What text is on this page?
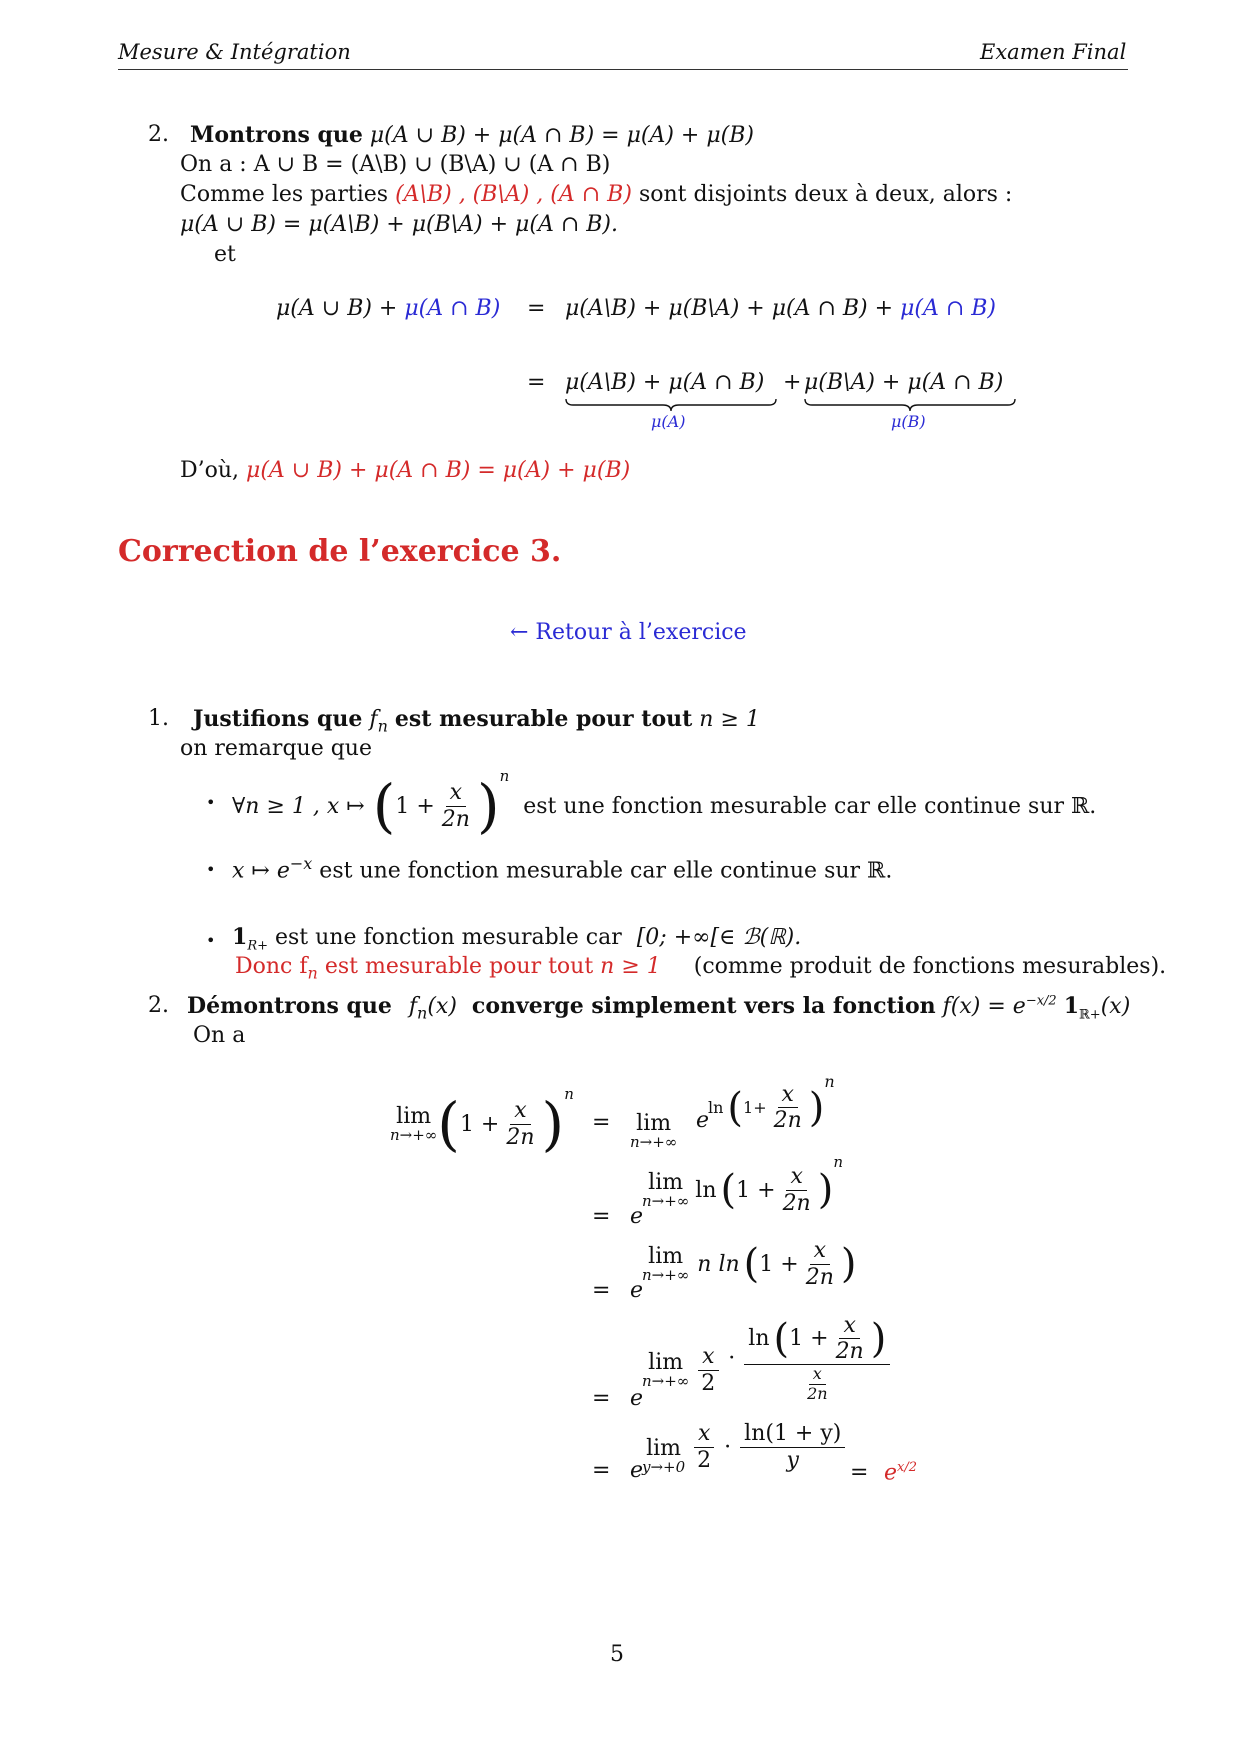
Mesure & Intégration	Examen Final
2. Montrons que μ(A ∪ B) + μ(A ∩ B) = μ(A) + μ(B)
On a : A ∪ B = (A\B) ∪ (B\A) ∪ (A ∩ B)
Comme les parties (A\B) , (B\A) , (A ∩ B) sont disjoints deux à deux, alors :
μ(A ∪ B) = μ(A\B) + μ(B\A) + μ(A ∩ B).
et
μ(A ∪ B) + μ(A ∩ B) = μ(A\B) + μ(B\A) + μ(A ∩ B) + μ(A ∩ B)
= μ(A\B) + μ(A ∩ B) + μ(B\A) + μ(A ∩ B)
μ(A)	μ(B)
D’où, μ(A ∪ B) + μ(A ∩ B) = μ(A) + μ(B)
Correction de l’exercice 3.
← Retour à l’exercice
1. Justifions que $f_n$ est mesurable pour tout n ≥ 1
on remarque que
• ∀n ≥ 1 , x ↦ ( $1 + \frac{x}{2n}$ ) n
est une fonction mesurable car elle continue sur ℝ.
• x ↦ $e^{-x}$ est une fonction mesurable car elle continue sur ℝ.
• $1_{R+}$ est une fonction mesurable car [0; +∞[∈ ℬ(ℝ).
Donc $f_n$ est mesurable pour tout n ≥ 1 (comme produit de fonctions mesurables).
2. Démontrons que $f_n(x)$ converge simplement vers la fonction $f(x) = e^{-x/2}$ $1_{ℝ+}(x)$
On a
lim
n→+∞ ( $1 + \frac{x}{2n}$ ) n
= lim
n→+∞
e
ln ( $1+ \frac{x}{2n}$ )
n
= e
lim
n→+∞ ln ( $1 + \frac{x}{2n}$ )
n
= e
lim
n→+∞ n ln ( $1 + \frac{x}{2n}$ )
= e
lim
$n\to+\infty \frac{x}{2}$ ·
ln ( $1 + \frac{x}{2n}$ )
$\frac{x}{2n}$
= e
lim
$y\to+0 \frac{x}{2} \cdot \frac{\ln(1 + y)}{y} = e^{x/2}$
5
